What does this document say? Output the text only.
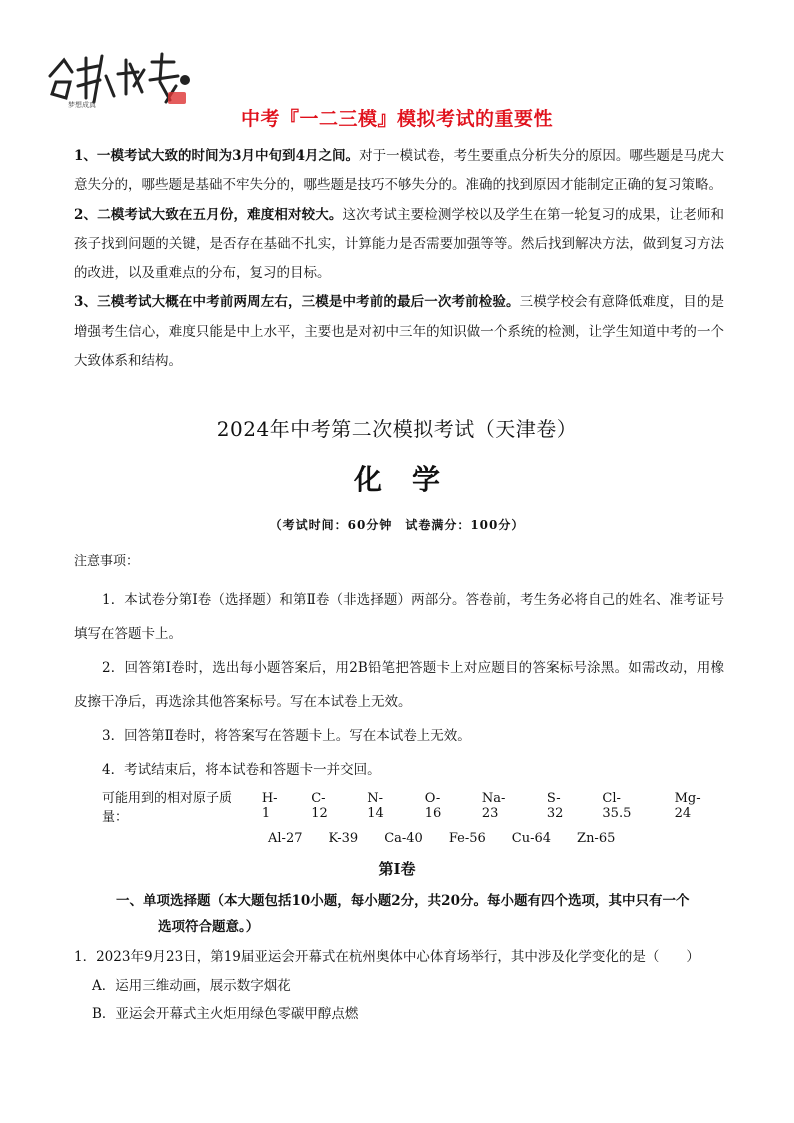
梦想成真
中考『一二三模』模拟考试的重要性

1、一模考试大致的时间为3月中旬到4月之间。对于一模试卷，考生要重点分析失分的原因。哪些题是马虎大意失分的，哪些题是基础不牢失分的，哪些题是技巧不够失分的。准确的找到原因才能制定正确的复习策略。

2、二模考试大致在五月份，难度相对较大。这次考试主要检测学校以及学生在第一轮复习的成果，让老师和孩子找到问题的关键，是否存在基础不扎实，计算能力是否需要加强等等。然后找到解决方法，做到复习方法的改进，以及重难点的分布，复习的目标。

3、三模考试大概在中考前两周左右，三模是中考前的最后一次考前检验。三模学校会有意降低难度，目的是增强考生信心，难度只能是中上水平，主要也是对初中三年的知识做一个系统的检测，让学生知道中考的一个大致体系和结构。

2024年中考第二次模拟考试（天津卷）
化学
（考试时间：60分钟　试卷满分：100分）
注意事项：

1．本试卷分第Ⅰ卷（选择题）和第Ⅱ卷（非选择题）两部分。答卷前，考生务必将自己的姓名、准考证号填写在答题卡上。

2．回答第Ⅰ卷时，选出每小题答案后，用2B铅笔把答题卡上对应题目的答案标号涂黑。如需改动，用橡皮擦干净后，再选涂其他答案标号。写在本试卷上无效。

3．回答第Ⅱ卷时，将答案写在答题卡上。写在本试卷上无效。

4．考试结束后，将本试卷和答题卡一并交回。

可能用到的相对原子质量：
H-1
C-12
N-14
O-16
Na-23
S-32
Cl-35.5
Mg-24
Al-27 K-39 Ca-40 Fe-56 Cu-64 Zn-65
第Ⅰ卷
一、单项选择题（本大题包括10小题，每小题2分，共20分。每小题有四个选项，其中只有一个
选项符合题意。）
1．2023年9月23日，第19届亚运会开幕式在杭州奥体中心体育场举行，其中涉及化学变化的是（　　）
A．运用三维动画，展示数字烟花
B．亚运会开幕式主火炬用绿色零碳甲醇点燃
